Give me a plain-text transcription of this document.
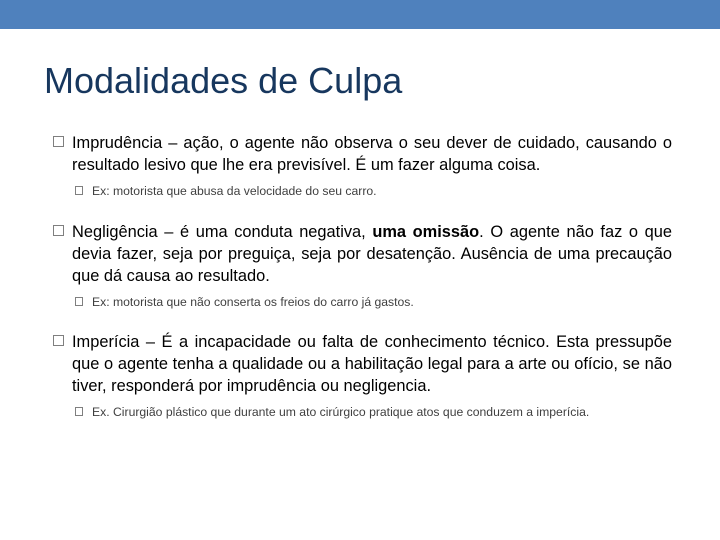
Modalidades de Culpa
Imprudência – ação, o agente não observa o seu dever de cuidado, causando o resultado lesivo que lhe era previsível. É um fazer alguma coisa.
Ex: motorista que abusa da velocidade do seu carro.
Negligência – é uma conduta negativa, uma omissão. O agente não faz o que devia fazer, seja por preguiça, seja por desatenção. Ausência de uma precaução que dá causa ao resultado.
Ex: motorista que não conserta os freios do carro já gastos.
Imperícia – É a incapacidade ou falta de conhecimento técnico. Esta pressupõe que o agente tenha a qualidade ou a habilitação legal para a arte ou ofício, se não tiver, responderá por imprudência ou negligencia.
Ex. Cirurgião plástico que durante um ato cirúrgico pratique atos que conduzem a imperícia.
